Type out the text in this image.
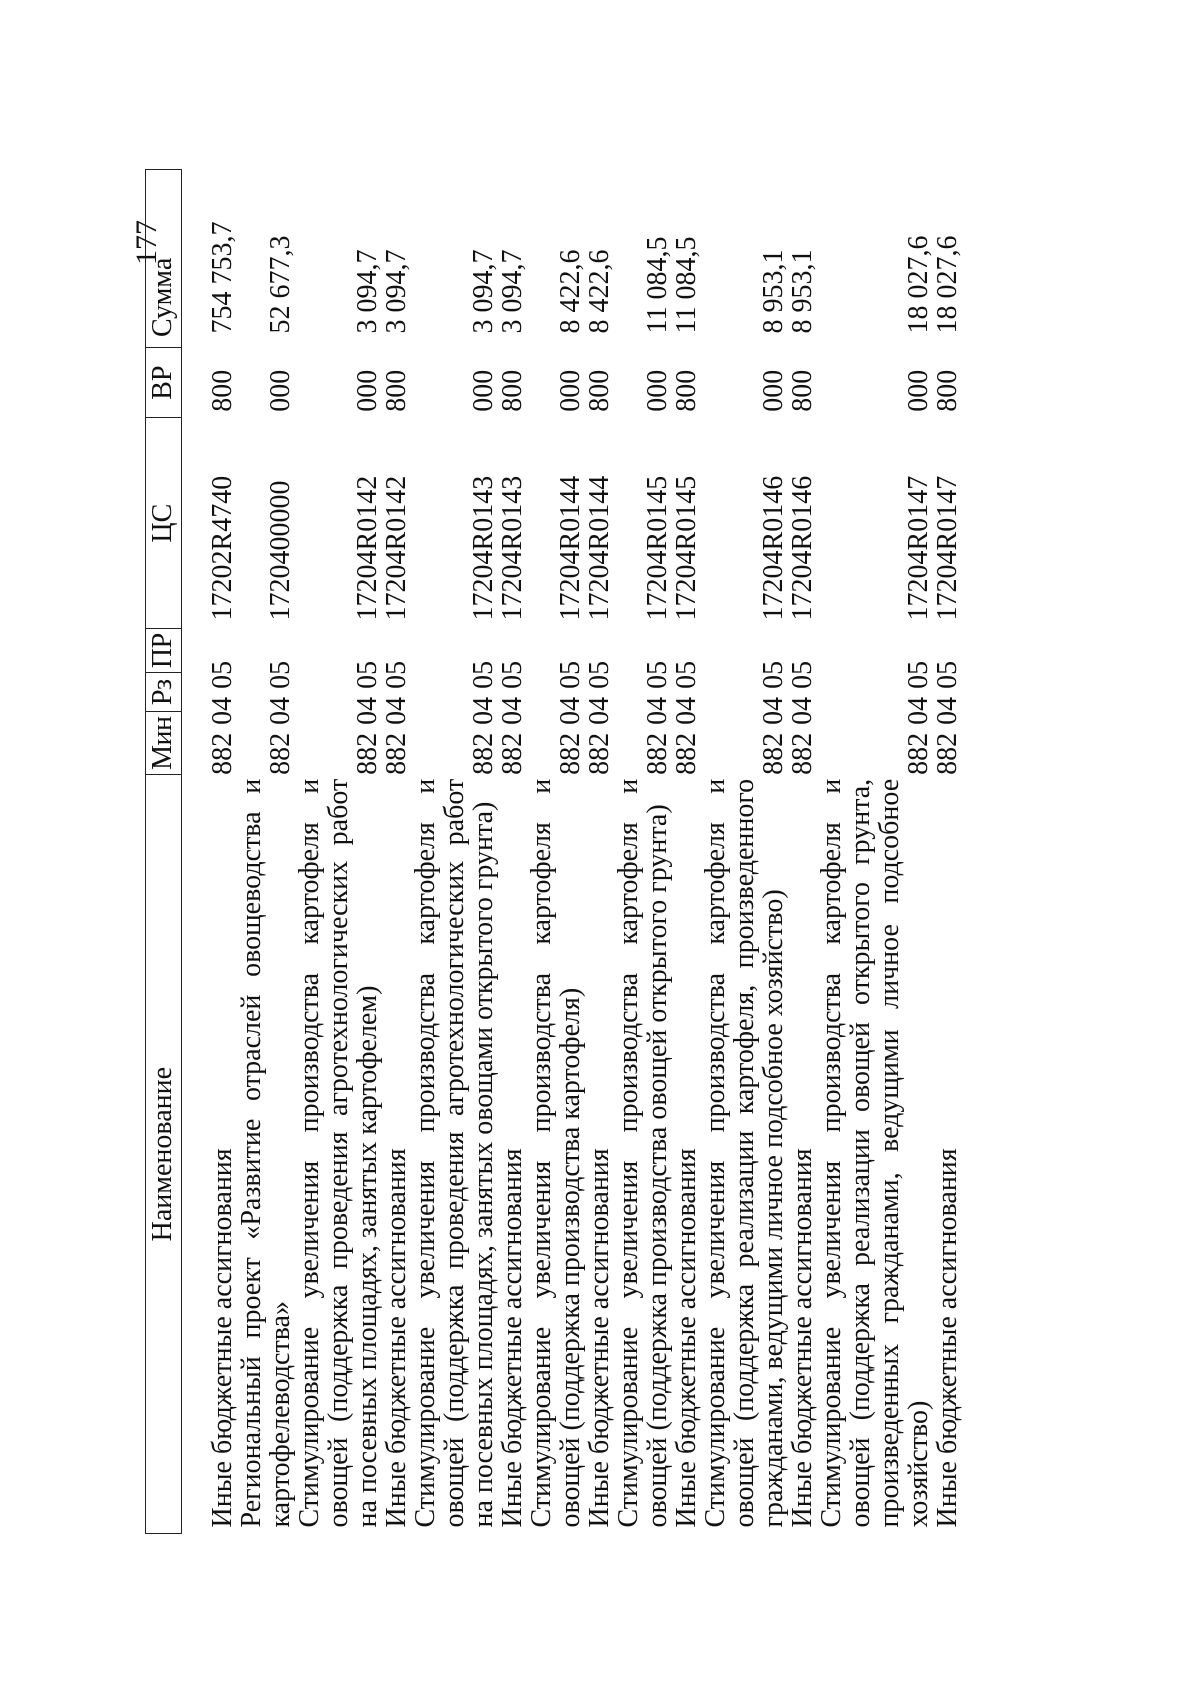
177
Наименование	Мин	Рз	ПР	ЦС	ВР	Сумма
Иные бюджетные ассигнования	882 04 05			17202R4740	800	754 753,7
Региональный проект «Развитие отраслей овощеводства и картофелеводства»	882 04 05			1720400000	000	52 677,3
Стимулирование увеличения производства картофеля и овощей (поддержка проведения агротехнологических работ на посевных площадях, занятых картофелем)	882 04 05			17204R0142	000	3 094,7
Иные бюджетные ассигнования	882 04 05			17204R0142	800	3 094,7
Стимулирование увеличения производства картофеля и овощей (поддержка проведения агротехнологических работ на посевных площадях, занятых овощами открытого грунта)	882 04 05			17204R0143	000	3 094,7
Иные бюджетные ассигнования	882 04 05			17204R0143	800	3 094,7
Стимулирование увеличения производства картофеля и овощей (поддержка производства картофеля)	882 04 05			17204R0144	000	8 422,6
Иные бюджетные ассигнования	882 04 05			17204R0144	800	8 422,6
Стимулирование увеличения производства картофеля и овощей (поддержка производства овощей открытого грунта)	882 04 05			17204R0145	000	11 084,5
Иные бюджетные ассигнования	882 04 05			17204R0145	800	11 084,5
Стимулирование увеличения производства картофеля и овощей (поддержка реализации картофеля, произведенного гражданами, ведущими личное подсобное хозяйство)	882 04 05			17204R0146	000	8 953,1
Иные бюджетные ассигнования	882 04 05			17204R0146	800	8 953,1
Стимулирование увеличения производства картофеля и овощей (поддержка реализации овощей открытого грунта, произведенных гражданами, ведущими личное подсобное хозяйство)	882 04 05			17204R0147	000	18 027,6
Иные бюджетные ассигнования	882 04 05			17204R0147	800	18 027,6
